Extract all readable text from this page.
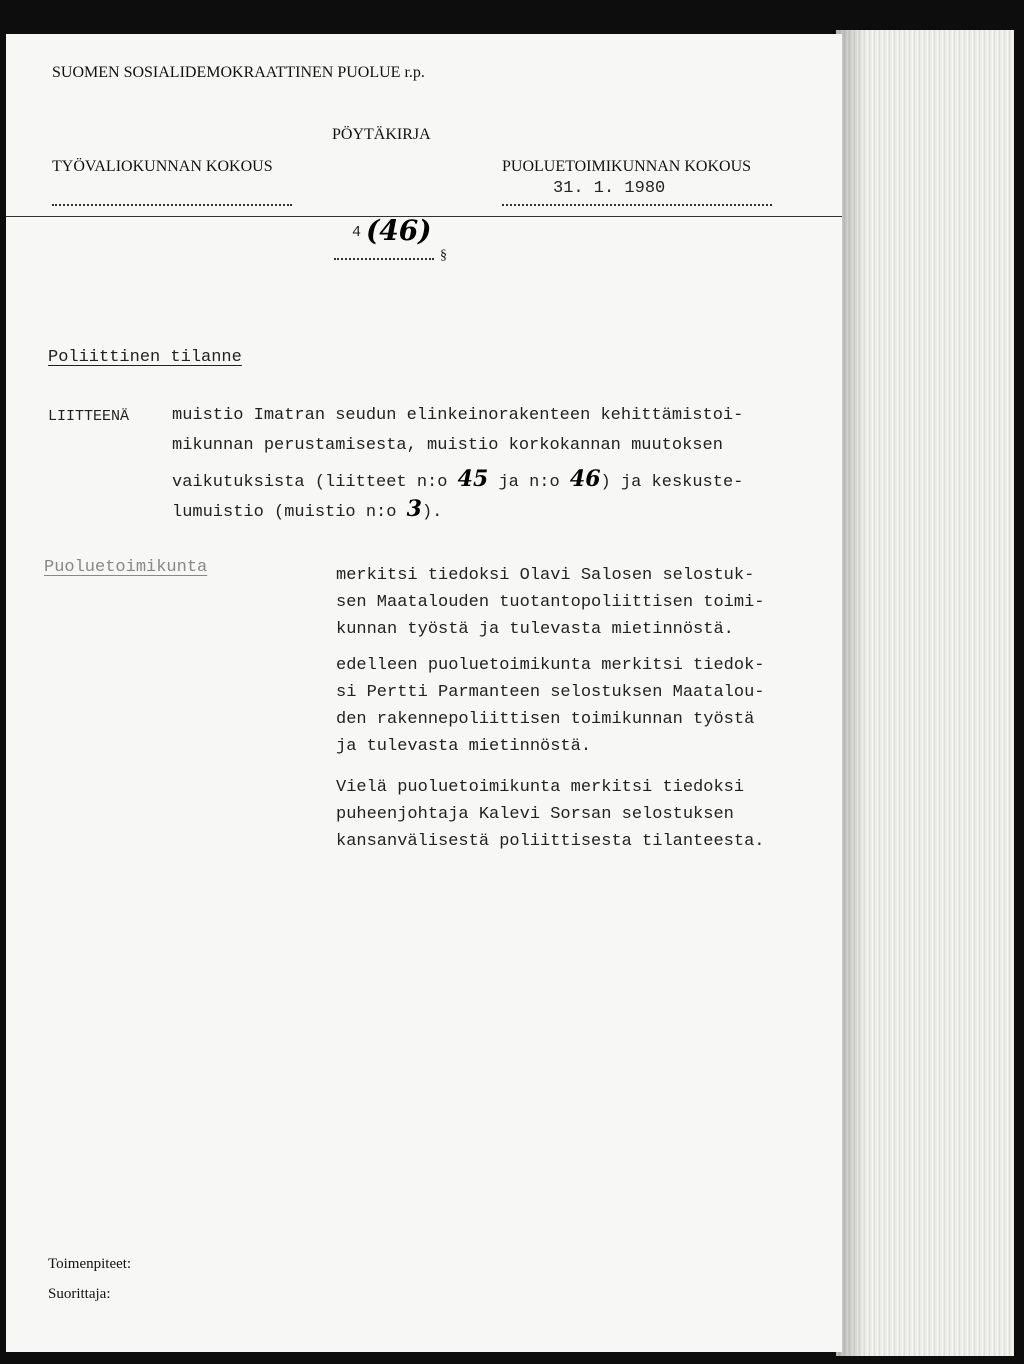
SUOMEN SOSIALIDEMOKRAATTINEN PUOLUE r.p.
PÖYTÄKIRJA
TYÖVALIOKUNNAN KOKOUS	PUOLUETOIMIKUNNAN KOKOUS
31. 1. 1980
4 (46)
§
Poliittinen tilanne
LIITTEENÄ	muistio Imatran seudun elinkeinorakenteen kehittämistoi-
mikunnan perustamisesta, muistio korkokannan muutoksen
vaikutuksista (liitteet n:o 45 ja n:o 46) ja keskuste-
lumuistio (muistio n:o 3).
Puoluetoimikunta	merkitsi tiedoksi Olavi Salosen selostuk-
sen Maatalouden tuotantopoliittisen toimi-
kunnan työstä ja tulevasta mietinnöstä.
edelleen puoluetoimikunta merkitsi tiedok-
si Pertti Parmanteen selostuksen Maatalou-
den rakennepoliittisen toimikunnan työstä
ja tulevasta mietinnöstä.
Vielä puoluetoimikunta merkitsi tiedoksi
puheenjohtaja Kalevi Sorsan selostuksen
kansanvälisestä poliittisesta tilanteesta.
Toimenpiteet:
Suorittaja:
